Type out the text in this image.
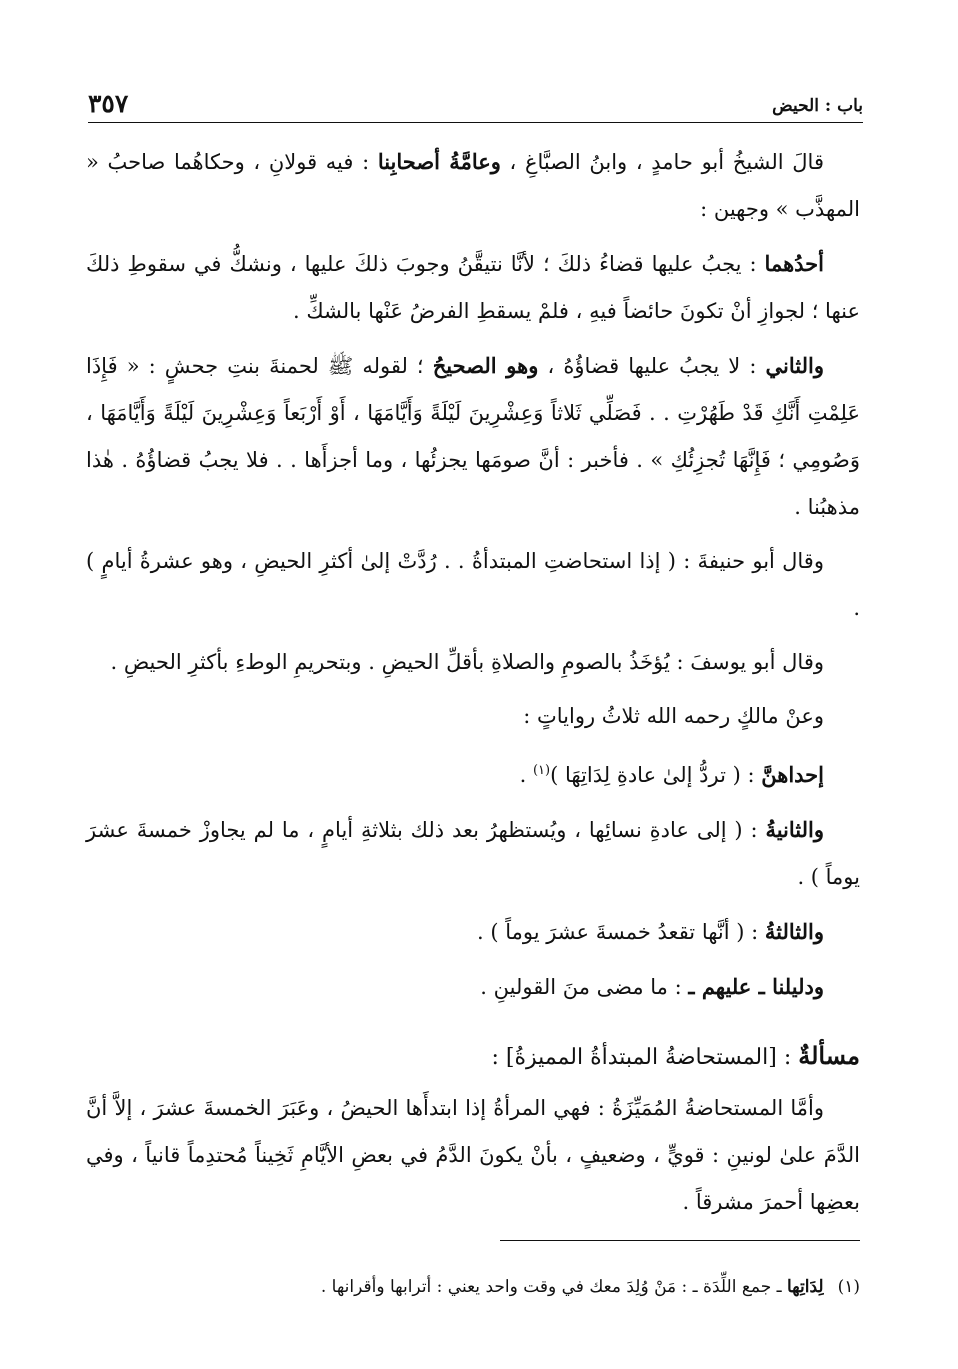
باب : الحيض
٣٥٧

قالَ الشيخُ أبو حامدٍ ، وابنُ الصبَّاغِ ، وعامَّةُ أصحابِنا : فيه قولانِ ، وحكاهُما صاحبُ « المهذَّب » وجهين :

أحدُهما : يجبُ عليها قضاءُ ذلكَ ؛ لأنَّا نتيقَّنُ وجوبَ ذلكَ عليها ، ونشكُّ في سقوطِ ذلكَ عنها ؛ لجوازِ أنْ تكونَ حائضاً فيهِ ، فلمْ يسقطِ الفرضُ عَنْها بالشكِّ .

والثاني : لا يجبُ عليها قضاؤُهُ ، وهو الصحيحُ ؛ لقوله ﷺ لحمنةَ بنتِ جحشٍ : « فَإِذَا عَلِمْتِ أَنَّكِ قَدْ طَهُرْتِ . . فَصَلِّي ثَلاثاً وَعِشْرِينَ لَيْلَةً وَأَيَّامَهَا ، أَوْ أَرْبَعاً وَعِشْرِينَ لَيْلَةً وَأَيَّامَهَا ، وَصُومِي ؛ فَإِنَّهَا تُجزِئُكِ » . فأخبر : أنَّ صومَها يجزئُها ، وما أجزأَها . . فلا يجبُ قضاؤُهُ . هٰذا مذهبُنا .

وقال أبو حنيفةَ : ( إذا استحاضتِ المبتدأةُ . . رُدَّتْ إلىٰ أكثرِ الحيضِ ، وهو عشرةُ أيامٍ ) .

وقال أبو يوسفَ : يُؤخَذُ بالصومِ والصلاةِ بأقلِّ الحيضِ . وبتحريمِ الوطءِ بأكثرِ الحيضِ .

وعنْ مالكٍ رحمه الله ثلاثُ رواياتٍ :

إحداهنَّ : ( تردُّ إلىٰ عادةِ لِدَاتِهَا )$^{(١)}$ .

والثانيةُ : ( إلى عادةِ نسائِها ، ويُستظهرُ بعد ذلك بثلاثةِ أيامٍ ، ما لم يجاوزْ خمسةَ عشرَ يوماً ) .

والثالثةُ : ( أنَّها تقعدُ خمسةَ عشرَ يوماً ) .

ودليلنا ـ عليهم ـ : ما مضى منَ القولينِ .

مسألةٌ : [المستحاضةُ المبتدأةُ المميزةُ] :

وأمَّا المستحاضةُ المُمَيِّزَةُ : فهي المرأةُ إذا ابتدأَها الحيضُ ، وعَبَرَ الخمسةَ عشرَ ، إلاَّ أنَّ الدَّمَ علىٰ لونينِ : قويٍّ ، وضعيفٍ ، بأنْ يكونَ الدَّمُ في بعضِ الأيَّامِ ثَخِيناً مُحتدِماً قانياً ، وفي بعضِها أحمرَ مشرقاً .

(١)لِدَاتِها ـ جمع اللِّدَة ـ : مَنْ وُلِدَ معك في وقت واحد يعني : أترابها وأقرانها .
